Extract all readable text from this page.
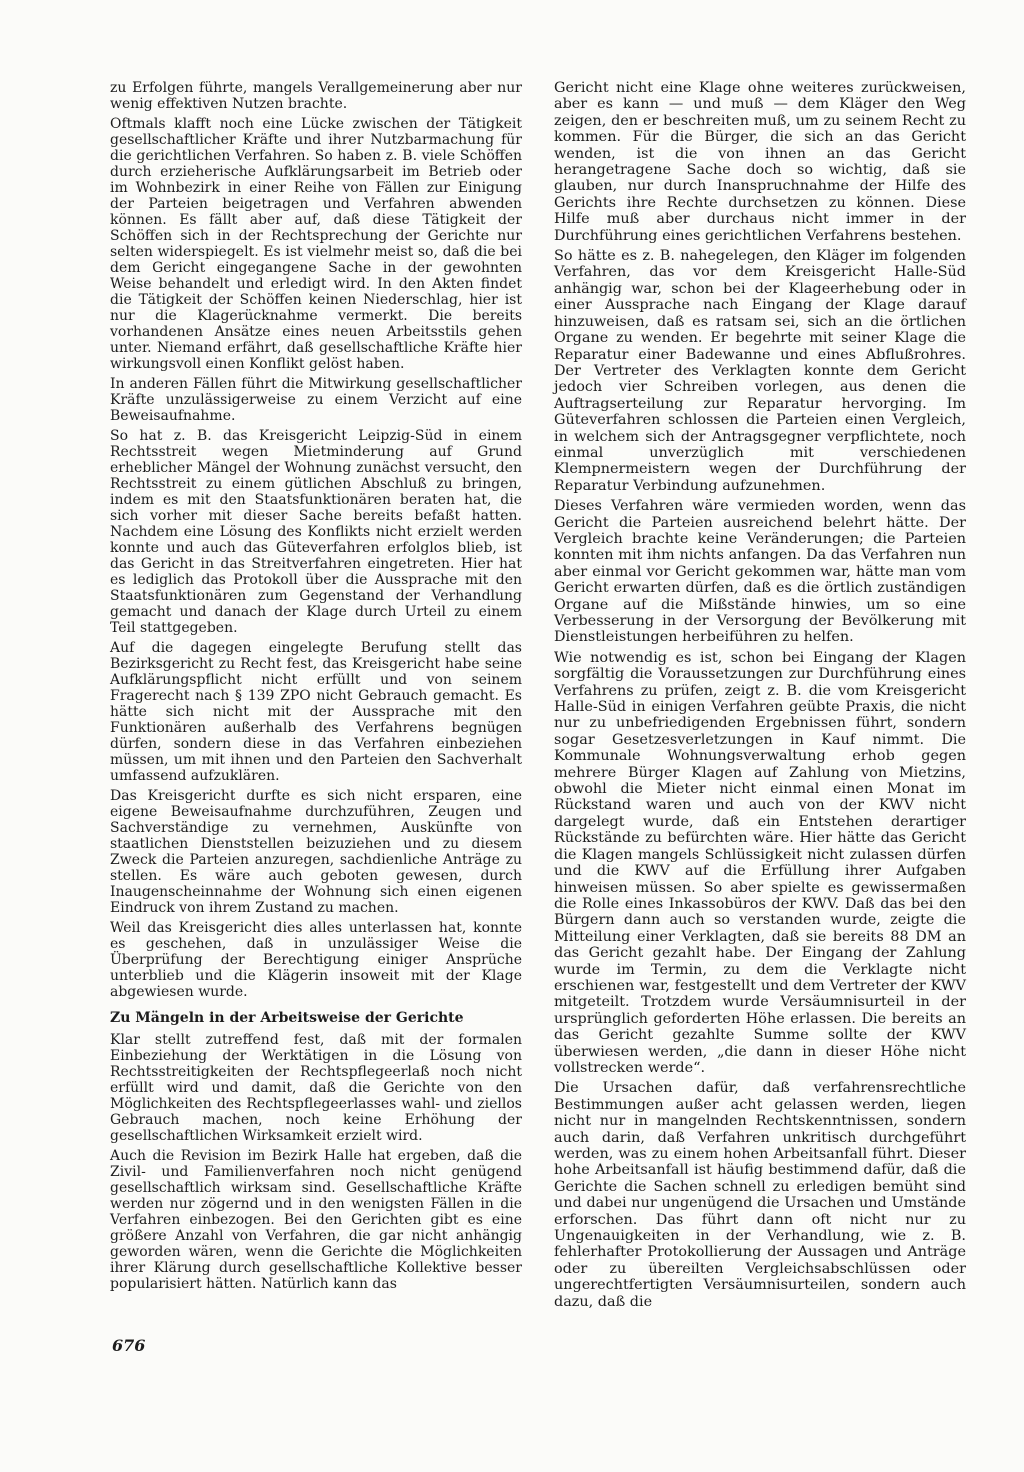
zu Erfolgen führte, mangels Verallgemeinerung aber nur wenig effektiven Nutzen brachte.

Oftmals klafft noch eine Lücke zwischen der Tätigkeit gesellschaftlicher Kräfte und ihrer Nutzbarmachung für die gerichtlichen Verfahren. So haben z. B. viele Schöffen durch erzieherische Aufklärungsarbeit im Betrieb oder im Wohnbezirk in einer Reihe von Fällen zur Einigung der Parteien beigetragen und Verfahren abwenden können. Es fällt aber auf, daß diese Tätigkeit der Schöffen sich in der Rechtsprechung der Gerichte nur selten widerspiegelt. Es ist vielmehr meist so, daß die bei dem Gericht eingegangene Sache in der gewohnten Weise behandelt und erledigt wird. In den Akten findet die Tätigkeit der Schöffen keinen Niederschlag, hier ist nur die Klagerücknahme vermerkt. Die bereits vorhandenen Ansätze eines neuen Arbeitsstils gehen unter. Niemand erfährt, daß gesellschaftliche Kräfte hier wirkungsvoll einen Konflikt gelöst haben.

In anderen Fällen führt die Mitwirkung gesellschaftlicher Kräfte unzulässigerweise zu einem Verzicht auf eine Beweisaufnahme.

So hat z. B. das Kreisgericht Leipzig-Süd in einem Rechtsstreit wegen Mietminderung auf Grund erheblicher Mängel der Wohnung zunächst versucht, den Rechtsstreit zu einem gütlichen Abschluß zu bringen, indem es mit den Staatsfunktionären beraten hat, die sich vorher mit dieser Sache bereits befaßt hatten. Nachdem eine Lösung des Konflikts nicht erzielt werden konnte und auch das Güteverfahren erfolglos blieb, ist das Gericht in das Streitverfahren eingetreten. Hier hat es lediglich das Protokoll über die Aussprache mit den Staatsfunktionären zum Gegenstand der Verhandlung gemacht und danach der Klage durch Urteil zu einem Teil stattgegeben.

Auf die dagegen eingelegte Berufung stellt das Bezirksgericht zu Recht fest, das Kreisgericht habe seine Aufklärungspflicht nicht erfüllt und von seinem Fragerecht nach § 139 ZPO nicht Gebrauch gemacht. Es hätte sich nicht mit der Aussprache mit den Funktionären außerhalb des Verfahrens begnügen dürfen, sondern diese in das Verfahren einbeziehen müssen, um mit ihnen und den Parteien den Sachverhalt umfassend aufzuklären.

Das Kreisgericht durfte es sich nicht ersparen, eine eigene Beweisaufnahme durchzuführen, Zeugen und Sachverständige zu vernehmen, Auskünfte von staatlichen Dienststellen beizuziehen und zu diesem Zweck die Parteien anzuregen, sachdienliche Anträge zu stellen. Es wäre auch geboten gewesen, durch Inaugenscheinnahme der Wohnung sich einen eigenen Eindruck von ihrem Zustand zu machen.

Weil das Kreisgericht dies alles unterlassen hat, konnte es geschehen, daß in unzulässiger Weise die Überprüfung der Berechtigung einiger Ansprüche unterblieb und die Klägerin insoweit mit der Klage abgewiesen wurde.

Zu Mängeln in der Arbeitsweise der Gerichte

Klar stellt zutreffend fest, daß mit der formalen Einbeziehung der Werktätigen in die Lösung von Rechtsstreitigkeiten der Rechtspflegeerlaß noch nicht erfüllt wird und damit, daß die Gerichte von den Möglichkeiten des Rechtspflegeerlasses wahl- und ziellos Gebrauch machen, noch keine Erhöhung der gesellschaftlichen Wirksamkeit erzielt wird.

Auch die Revision im Bezirk Halle hat ergeben, daß die Zivil- und Familienverfahren noch nicht genügend gesellschaftlich wirksam sind. Gesellschaftliche Kräfte werden nur zögernd und in den wenigsten Fällen in die Verfahren einbezogen. Bei den Gerichten gibt es eine größere Anzahl von Verfahren, die gar nicht anhängig geworden wären, wenn die Gerichte die Möglichkeiten ihrer Klärung durch gesellschaftliche Kollektive besser popularisiert hätten. Natürlich kann das

Gericht nicht eine Klage ohne weiteres zurückweisen, aber es kann — und muß — dem Kläger den Weg zeigen, den er beschreiten muß, um zu seinem Recht zu kommen. Für die Bürger, die sich an das Gericht wenden, ist die von ihnen an das Gericht herangetragene Sache doch so wichtig, daß sie glauben, nur durch Inanspruchnahme der Hilfe des Gerichts ihre Rechte durchsetzen zu können. Diese Hilfe muß aber durchaus nicht immer in der Durchführung eines gerichtlichen Verfahrens bestehen.

So hätte es z. B. nahegelegen, den Kläger im folgenden Verfahren, das vor dem Kreisgericht Halle-Süd anhängig war, schon bei der Klageerhebung oder in einer Aussprache nach Eingang der Klage darauf hinzuweisen, daß es ratsam sei, sich an die örtlichen Organe zu wenden. Er begehrte mit seiner Klage die Reparatur einer Badewanne und eines Abflußrohres. Der Vertreter des Verklagten konnte dem Gericht jedoch vier Schreiben vorlegen, aus denen die Auftragserteilung zur Reparatur hervorging. Im Güteverfahren schlossen die Parteien einen Vergleich, in welchem sich der Antragsgegner verpflichtete, noch einmal unverzüglich mit verschiedenen Klempnermeistern wegen der Durchführung der Reparatur Verbindung aufzunehmen.

Dieses Verfahren wäre vermieden worden, wenn das Gericht die Parteien ausreichend belehrt hätte. Der Vergleich brachte keine Veränderungen; die Parteien konnten mit ihm nichts anfangen. Da das Verfahren nun aber einmal vor Gericht gekommen war, hätte man vom Gericht erwarten dürfen, daß es die örtlich zuständigen Organe auf die Mißstände hinwies, um so eine Verbesserung in der Versorgung der Bevölkerung mit Dienstleistungen herbeiführen zu helfen.

Wie notwendig es ist, schon bei Eingang der Klagen sorgfältig die Voraussetzungen zur Durchführung eines Verfahrens zu prüfen, zeigt z. B. die vom Kreisgericht Halle-Süd in einigen Verfahren geübte Praxis, die nicht nur zu unbefriedigenden Ergebnissen führt, sondern sogar Gesetzesverletzungen in Kauf nimmt. Die Kommunale Wohnungsverwaltung erhob gegen mehrere Bürger Klagen auf Zahlung von Mietzins, obwohl die Mieter nicht einmal einen Monat im Rückstand waren und auch von der KWV nicht dargelegt wurde, daß ein Entstehen derartiger Rückstände zu befürchten wäre. Hier hätte das Gericht die Klagen mangels Schlüssigkeit nicht zulassen dürfen und die KWV auf die Erfüllung ihrer Aufgaben hinweisen müssen. So aber spielte es gewissermaßen die Rolle eines Inkassobüros der KWV. Daß das bei den Bürgern dann auch so verstanden wurde, zeigte die Mitteilung einer Verklagten, daß sie bereits 88 DM an das Gericht gezahlt habe. Der Eingang der Zahlung wurde im Termin, zu dem die Verklagte nicht erschienen war, festgestellt und dem Vertreter der KWV mitgeteilt. Trotzdem wurde Versäumnisurteil in der ursprünglich geforderten Höhe erlassen. Die bereits an das Gericht gezahlte Summe sollte der KWV überwiesen werden, „die dann in dieser Höhe nicht vollstrecken werde“.

Die Ursachen dafür, daß verfahrensrechtliche Bestimmungen außer acht gelassen werden, liegen nicht nur in mangelnden Rechtskenntnissen, sondern auch darin, daß Verfahren unkritisch durchgeführt werden, was zu einem hohen Arbeitsanfall führt. Dieser hohe Arbeitsanfall ist häufig bestimmend dafür, daß die Gerichte die Sachen schnell zu erledigen bemüht sind und dabei nur ungenügend die Ursachen und Umstände erforschen. Das führt dann oft nicht nur zu Ungenauigkeiten in der Verhandlung, wie z. B. fehlerhafter Protokollierung der Aussagen und Anträge oder zu übereilten Vergleichsabschlüssen oder ungerechtfertigten Versäumnisurteilen, sondern auch dazu, daß die

676
